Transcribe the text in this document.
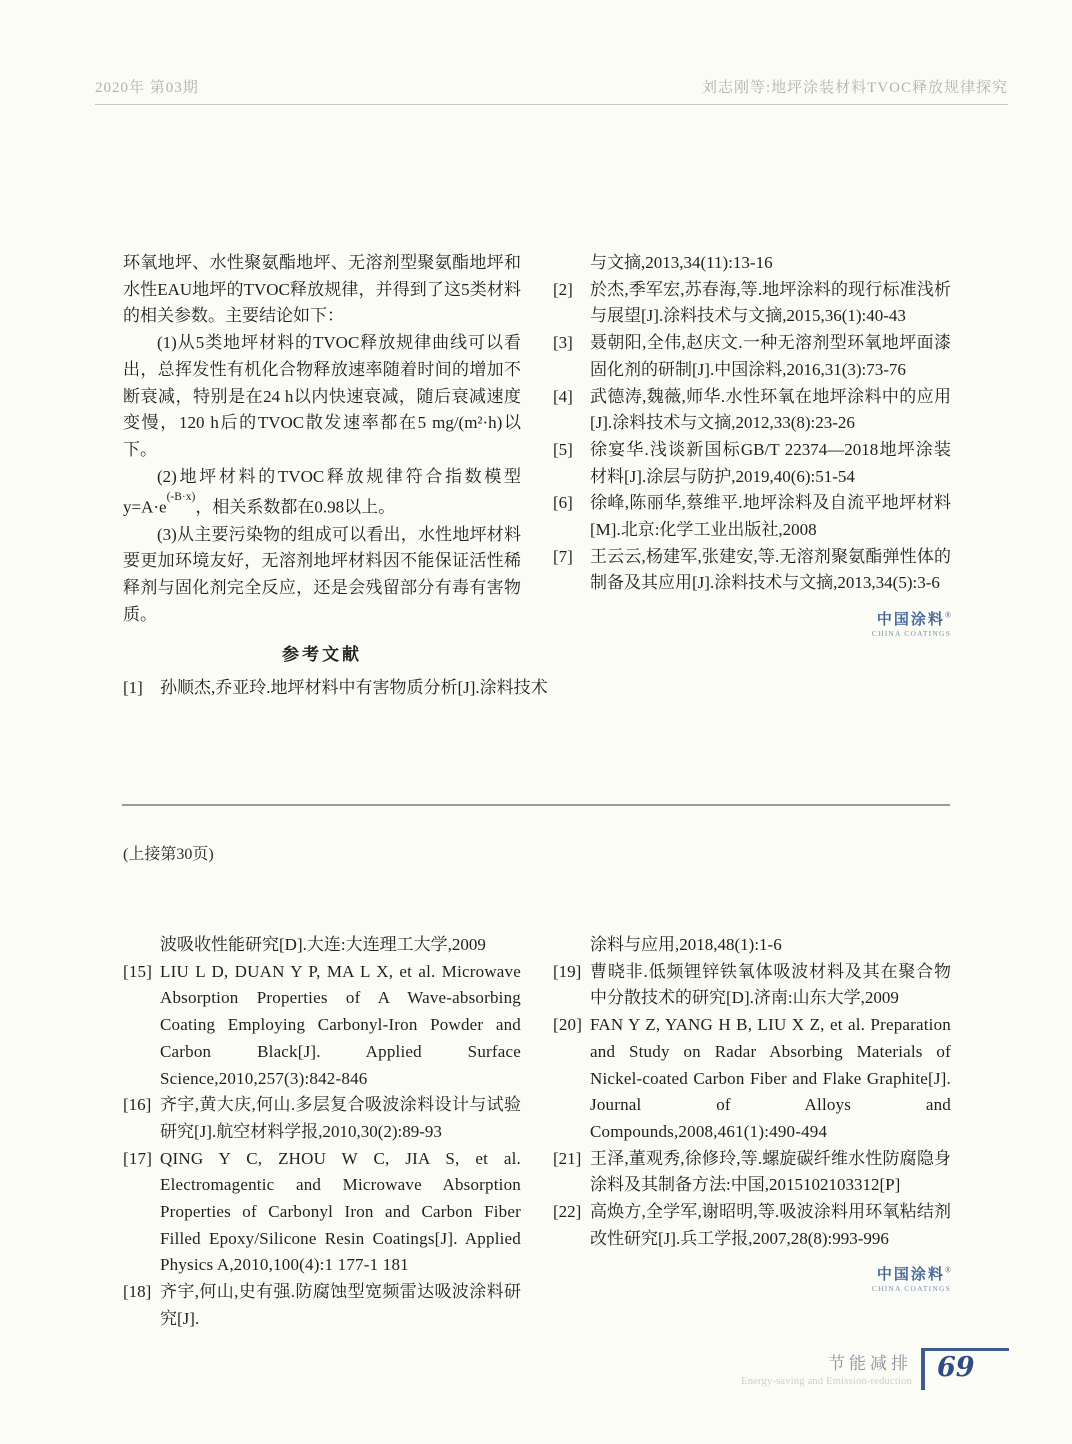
2020年 第03期	刘志刚等:地坪涂装材料TVOC释放规律探究

环氧地坪、水性聚氨酯地坪、无溶剂型聚氨酯地坪和水性EAU地坪的TVOC释放规律，并得到了这5类材料的相关参数。主要结论如下：

(1)从5类地坪材料的TVOC释放规律曲线可以看出，总挥发性有机化合物释放速率随着时间的增加不断衰减，特别是在24 h以内快速衰减，随后衰减速度变慢，120 h后的TVOC散发速率都在5 mg/(m²·h)以下。

(2)地坪材料的TVOC释放规律符合指数模型$y=A\cdot e^{(-B\cdot x)}$，相关系数都在0.98以上。

(3)从主要污染物的组成可以看出，水性地坪材料要更加环境友好，无溶剂地坪材料因不能保证活性稀释剂与固化剂完全反应，还是会残留部分有毒有害物质。

参考文献

[1] 孙顺杰,乔亚玲.地坪材料中有害物质分析[J].涂料技术

与文摘,2013,34(11):13-16

[2] 於杰,季军宏,苏春海,等.地坪涂料的现行标准浅析与展望[J].涂料技术与文摘,2015,36(1):40-43
[3] 聂朝阳,全伟,赵庆文.一种无溶剂型环氧地坪面漆固化剂的研制[J].中国涂料,2016,31(3):73-76
[4] 武德涛,魏薇,师华.水性环氧在地坪涂料中的应用[J].涂料技术与文摘,2012,33(8):23-26
[5] 徐宴华.浅谈新国标GB/T 22374—2018地坪涂装材料[J].涂层与防护,2019,40(6):51-54
[6] 徐峰,陈丽华,蔡维平.地坪涂料及自流平地坪材料[M].北京:化学工业出版社,2008
[7] 王云云,杨建军,张建安,等.无溶剂聚氨酯弹性体的制备及其应用[J].涂料技术与文摘,2013,34(5):3-6
中国涂料®
CHINA COATINGS
(上接第30页)

波吸收性能研究[D].大连:大连理工大学,2009

[15] LIU L D, DUAN Y P, MA L X, et al. Microwave Absorption Properties of A Wave-absorbing Coating Employing Carbonyl-Iron Powder and Carbon Black[J]. Applied Surface Science,2010,257(3):842-846
[16] 齐宇,黄大庆,何山.多层复合吸波涂料设计与试验研究[J].航空材料学报,2010,30(2):89-93
[17] QING Y C, ZHOU W C, JIA S, et al. Electromagentic and Microwave Absorption Properties of Carbonyl Iron and Carbon Fiber Filled Epoxy/Silicone Resin Coatings[J]. Applied Physics A,2010,100(4):1 177-1 181
[18] 齐宇,何山,史有强.防腐蚀型宽频雷达吸波涂料研究[J].

涂料与应用,2018,48(1):1-6

[19] 曹晓非.低频锂锌铁氧体吸波材料及其在聚合物中分散技术的研究[D].济南:山东大学,2009
[20] FAN Y Z, YANG H B, LIU X Z, et al. Preparation and Study on Radar Absorbing Materials of Nickel-coated Carbon Fiber and Flake Graphite[J]. Journal of Alloys and Compounds,2008,461(1):490-494
[21] 王泽,董观秀,徐修玲,等.螺旋碳纤维水性防腐隐身涂料及其制备方法:中国,2015102103312[P]
[22] 高焕方,全学军,谢昭明,等.吸波涂料用环氧粘结剂改性研究[J].兵工学报,2007,28(8):993-996
中国涂料®
CHINA COATINGS
节能减排
Energy-saving and Emission-reduction 69
